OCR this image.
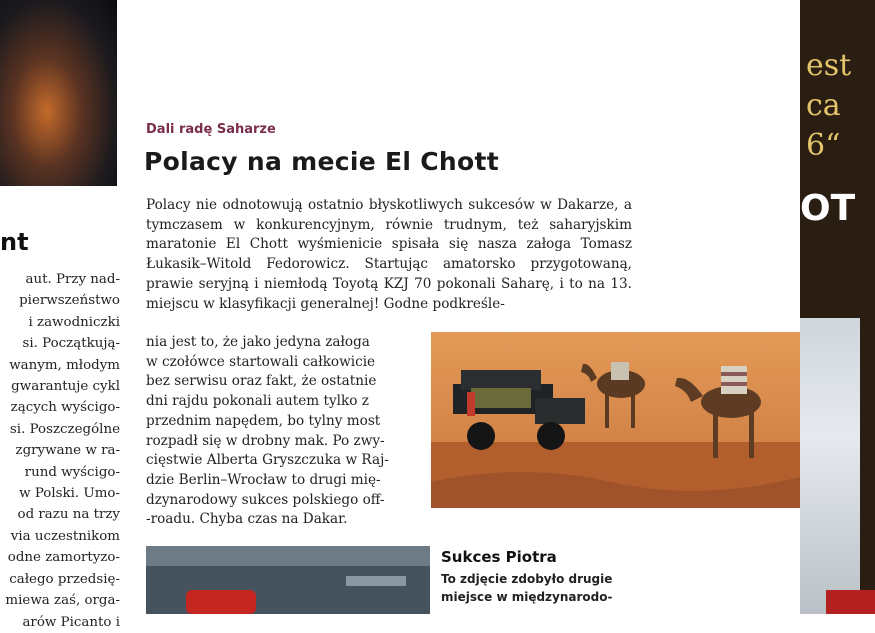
nt
aut. Przy nad-
pierwszeństwo
i zawodniczki
si. Początkują-
wanym, młodym
gwarantuje cykl
zących wyścigo-
si. Poszczególne
zgrywane w ra-
rund wyścigo-
w Polski. Umo-
od razu na trzy
via uczestnikom
odne zamortyzo-
całego przedsię-
miewa zaś, orga-
arów Picanto i
Dali radę Saharze
Polacy na mecie El Chott
Polacy nie odnotowują ostatnio błyskotliwych sukcesów w Dakarze, a tymczasem w konkurencyjnym, równie trudnym, też saharyjskim maratonie El Chott wyśmienicie spisała się nasza załoga Tomasz Łukasik–Witold Fedorowicz. Startując amatorsko przygotowaną, prawie seryjną i niemłodą Toyotą KZJ 70 pokonali Saharę, i to na 13. miejscu w klasyfikacji generalnej! Godne podkreśle-
nia jest to, że jako jedyna załoga
w czołówce startowali całkowicie
bez serwisu oraz fakt, że ostatnie
dni rajdu pokonali autem tylko z
przednim napędem, bo tylny most
rozpadł się w drobny mak. Po zwy-
cięstwie Alberta Gryszczuka w Raj-
dzie Berlin–Wrocław to drugi mię-
dzynarodowy sukces polskiego off-
-roadu. Chyba czas na Dakar.
Sukces Piotra
To zdjęcie zdobyło drugie
miejsce w międzynarodo-
est
ca
6“
OT
